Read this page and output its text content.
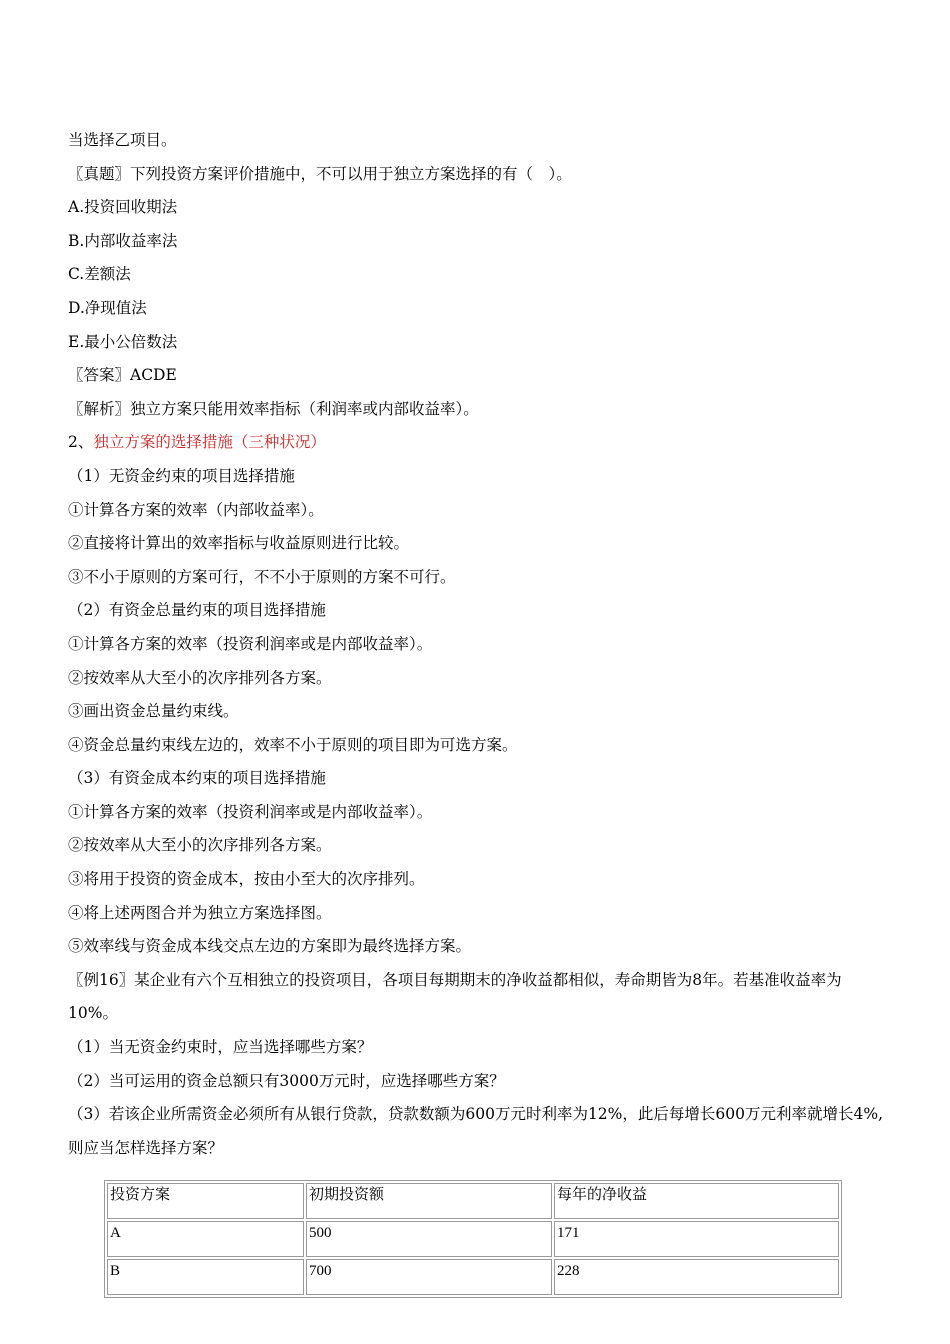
当选择乙项目。

〖真题〗下列投资方案评价措施中，不可以用于独立方案选择的有（　）。

A.投资回收期法

B.内部收益率法

C.差额法

D.净现值法

E.最小公倍数法

〖答案〗ACDE

〖解析〗独立方案只能用效率指标（利润率或内部收益率）。

2、独立方案的选择措施（三种状况）

（1）无资金约束的项目选择措施

①计算各方案的效率（内部收益率）。

②直接将计算出的效率指标与收益原则进行比较。

③不小于原则的方案可行，不不小于原则的方案不可行。

（2）有资金总量约束的项目选择措施

①计算各方案的效率（投资利润率或是内部收益率）。

②按效率从大至小的次序排列各方案。

③画出资金总量约束线。

④资金总量约束线左边的，效率不小于原则的项目即为可选方案。

（3）有资金成本约束的项目选择措施

①计算各方案的效率（投资利润率或是内部收益率）。

②按效率从大至小的次序排列各方案。

③将用于投资的资金成本，按由小至大的次序排列。

④将上述两图合并为独立方案选择图。

⑤效率线与资金成本线交点左边的方案即为最终选择方案。

〖例16〗某企业有六个互相独立的投资项目，各项目每期期末的净收益都相似，寿命期皆为8年。若基准收益率为10%。

（1）当无资金约束时，应当选择哪些方案？

（2）当可运用的资金总额只有3000万元时，应选择哪些方案？

（3）若该企业所需资金必须所有从银行贷款，贷款数额为600万元时利率为12%，此后每增长600万元利率就增长4%,则应当怎样选择方案？

投资方案	初期投资额	每年的净收益
A	500	171
B	700	228
